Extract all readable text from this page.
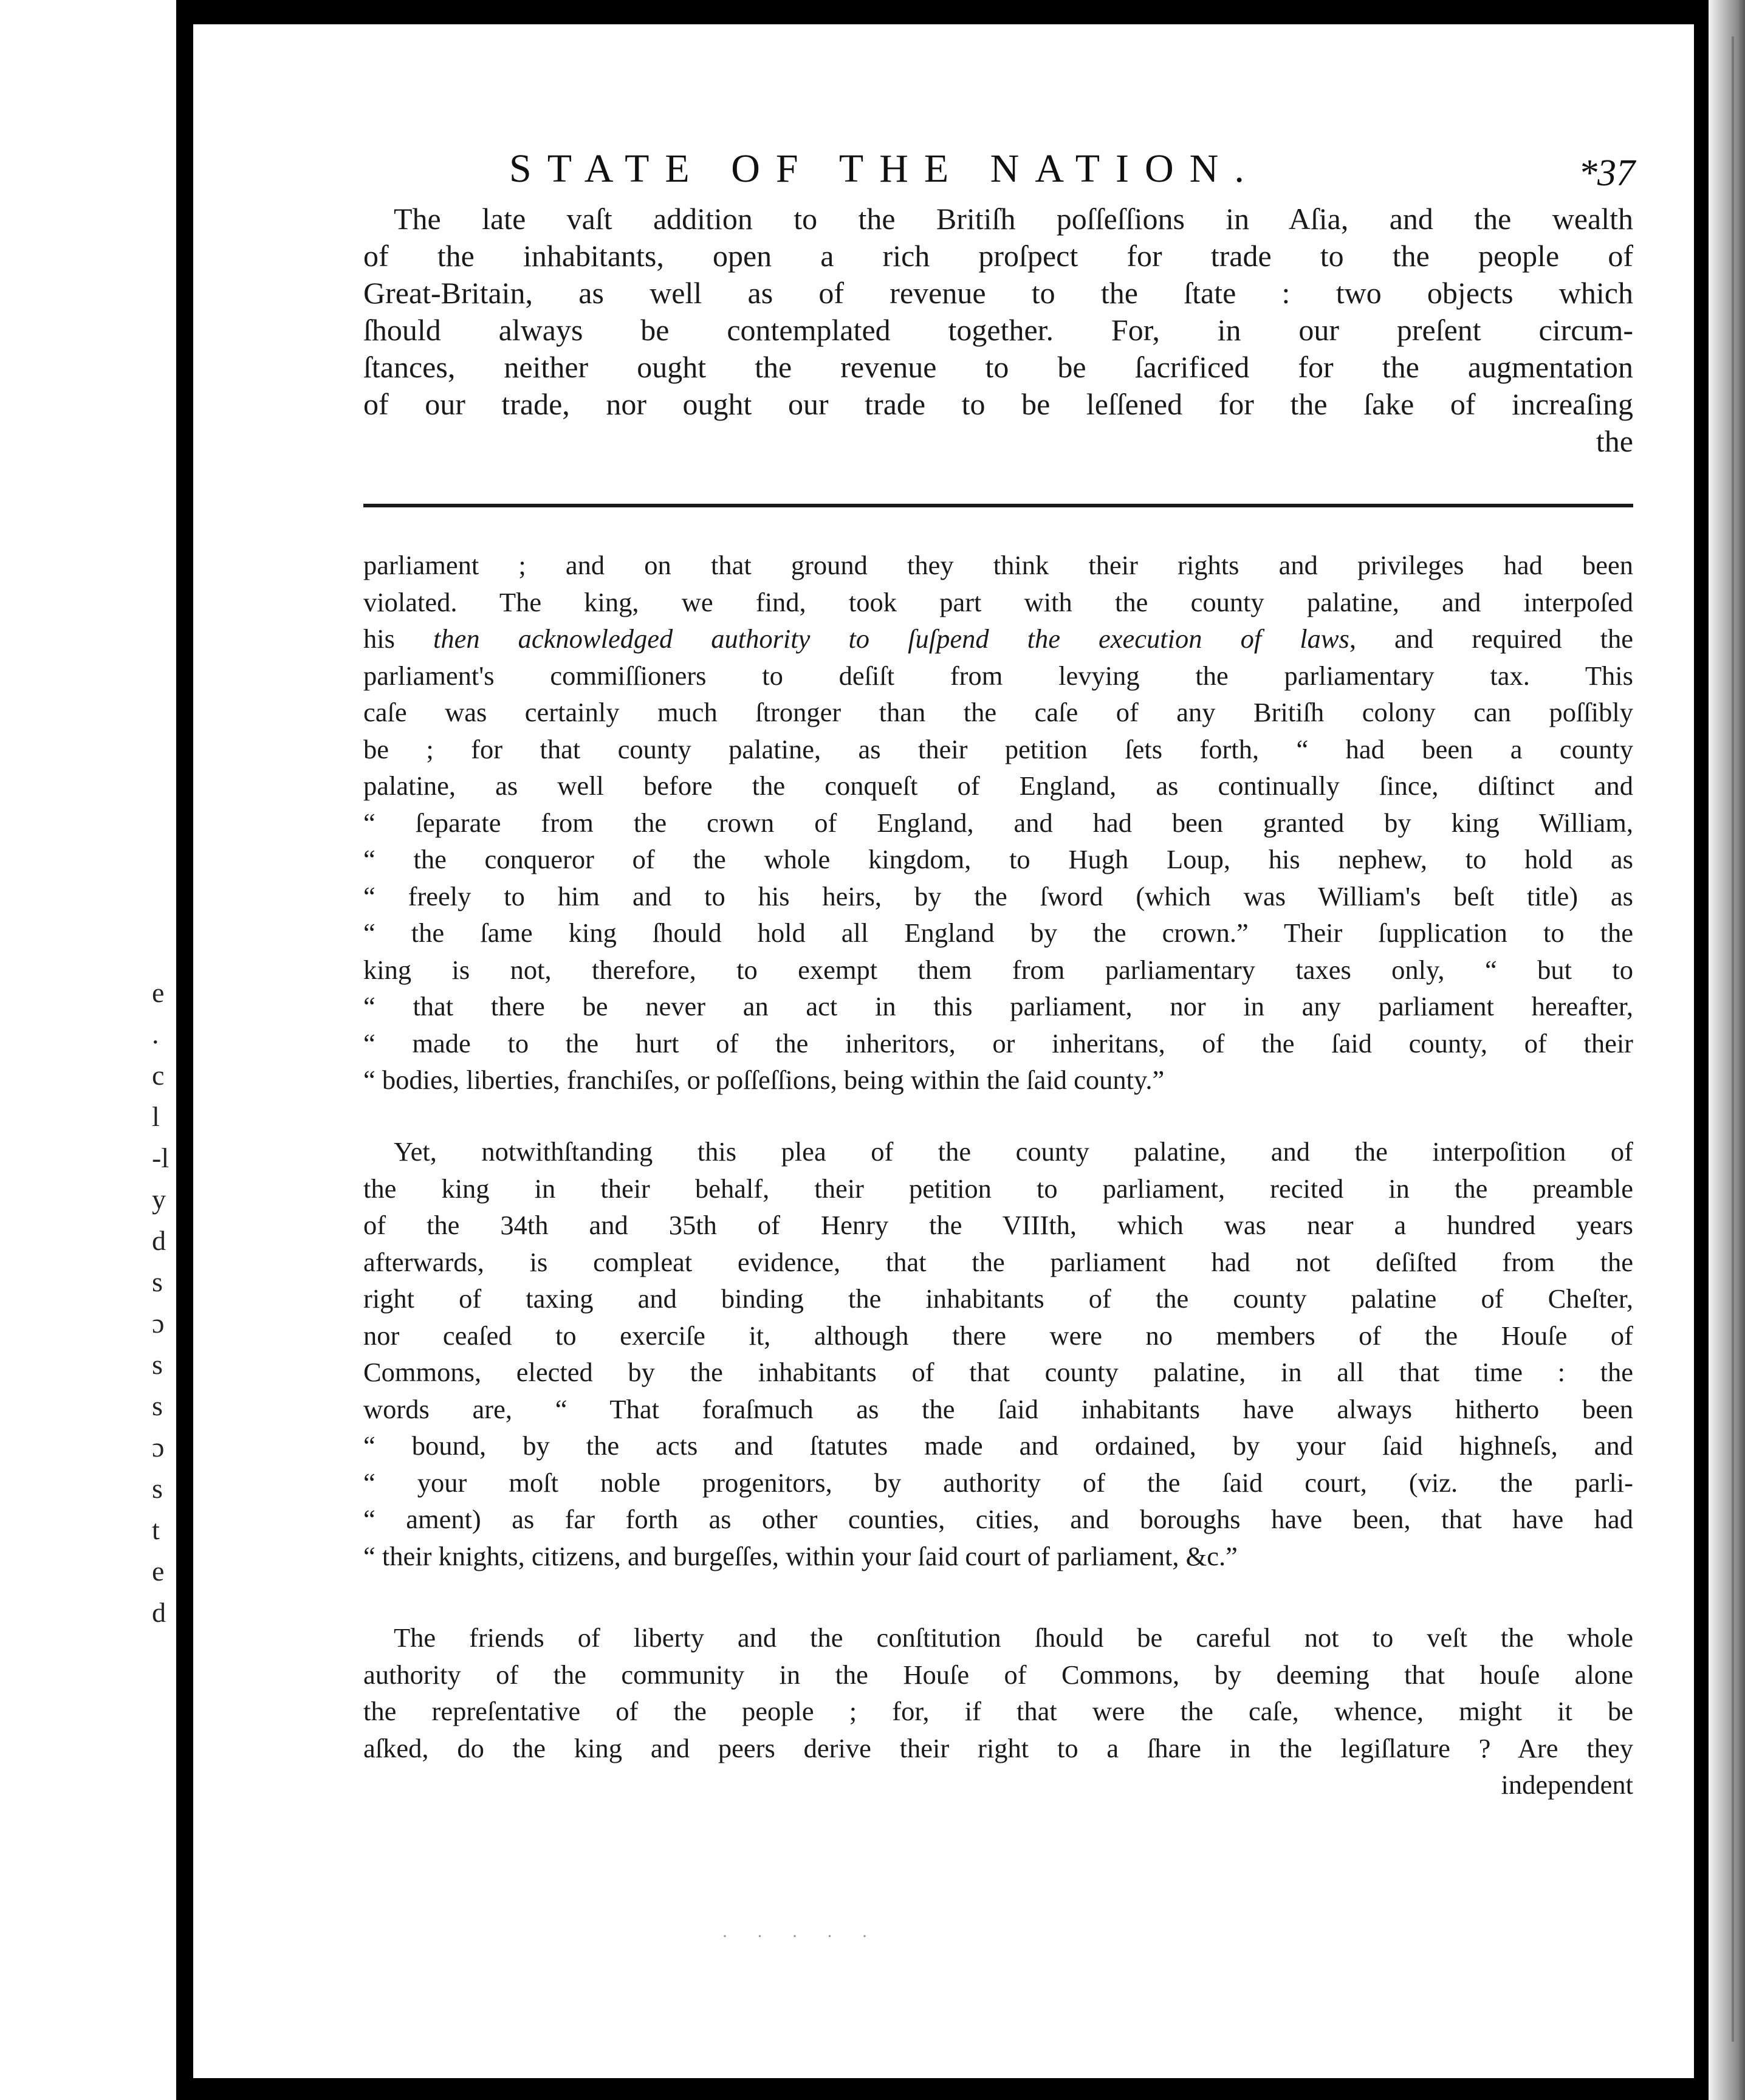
e
.
c
l
-l
y
d
s
ɔ
s
s
ɔ
s
t
e
d
STATE OF THE NATION.	*37
The late vaſt addition to the Britiſh poſſeſſions in Aſia, and the wealth
of the inhabitants, open a rich proſpect for trade to the people of
Great-Britain, as well as of revenue to the ſtate : two objects which
ſhould always be contemplated together. For, in our preſent circum-
ſtances, neither ought the revenue to be ſacrificed for the augmentation
of our trade, nor ought our trade to be leſſened for the ſake of increaſing
the
parliament ; and on that ground they think their rights and privileges had been
violated. The king, we find, took part with the county palatine, and interpoſed
his then acknowledged authority to ſuſpend the execution of laws, and required the
parliament's commiſſioners to deſiſt from levying the parliamentary tax. This
caſe was certainly much ſtronger than the caſe of any Britiſh colony can poſſibly
be ; for that county palatine, as their petition ſets forth, “ had been a county
palatine, as well before the conqueſt of England, as continually ſince, diſtinct and
“ ſeparate from the crown of England, and had been granted by king William,
“ the conqueror of the whole kingdom, to Hugh Loup, his nephew, to hold as
“ freely to him and to his heirs, by the ſword (which was William's beſt title) as
“ the ſame king ſhould hold all England by the crown.” Their ſupplication to the
king is not, therefore, to exempt them from parliamentary taxes only, “ but to
“ that there be never an act in this parliament, nor in any parliament hereafter,
“ made to the hurt of the inheritors, or inheritans, of the ſaid county, of their
“ bodies, liberties, franchiſes, or poſſeſſions, being within the ſaid county.”
Yet, notwithſtanding this plea of the county palatine, and the interpoſition of
the king in their behalf, their petition to parliament, recited in the preamble
of the 34th and 35th of Henry the VIIIth, which was near a hundred years
afterwards, is compleat evidence, that the parliament had not deſiſted from the
right of taxing and binding the inhabitants of the county palatine of Cheſter,
nor ceaſed to exerciſe it, although there were no members of the Houſe of
Commons, elected by the inhabitants of that county palatine, in all that time : the
words are, “ That foraſmuch as the ſaid inhabitants have always hitherto been
“ bound, by the acts and ſtatutes made and ordained, by your ſaid highneſs, and
“ your moſt noble progenitors, by authority of the ſaid court, (viz. the parli-
“ ament) as far forth as other counties, cities, and boroughs have been, that have had
“ their knights, citizens, and burgeſſes, within your ſaid court of parliament, &c.”
The friends of liberty and the conſtitution ſhould be careful not to veſt the whole
authority of the community in the Houſe of Commons, by deeming that houſe alone
the repreſentative of the people ; for, if that were the caſe, whence, might it be
aſked, do the king and peers derive their right to a ſhare in the legiſlature ? Are they
independent
· · · · ·
